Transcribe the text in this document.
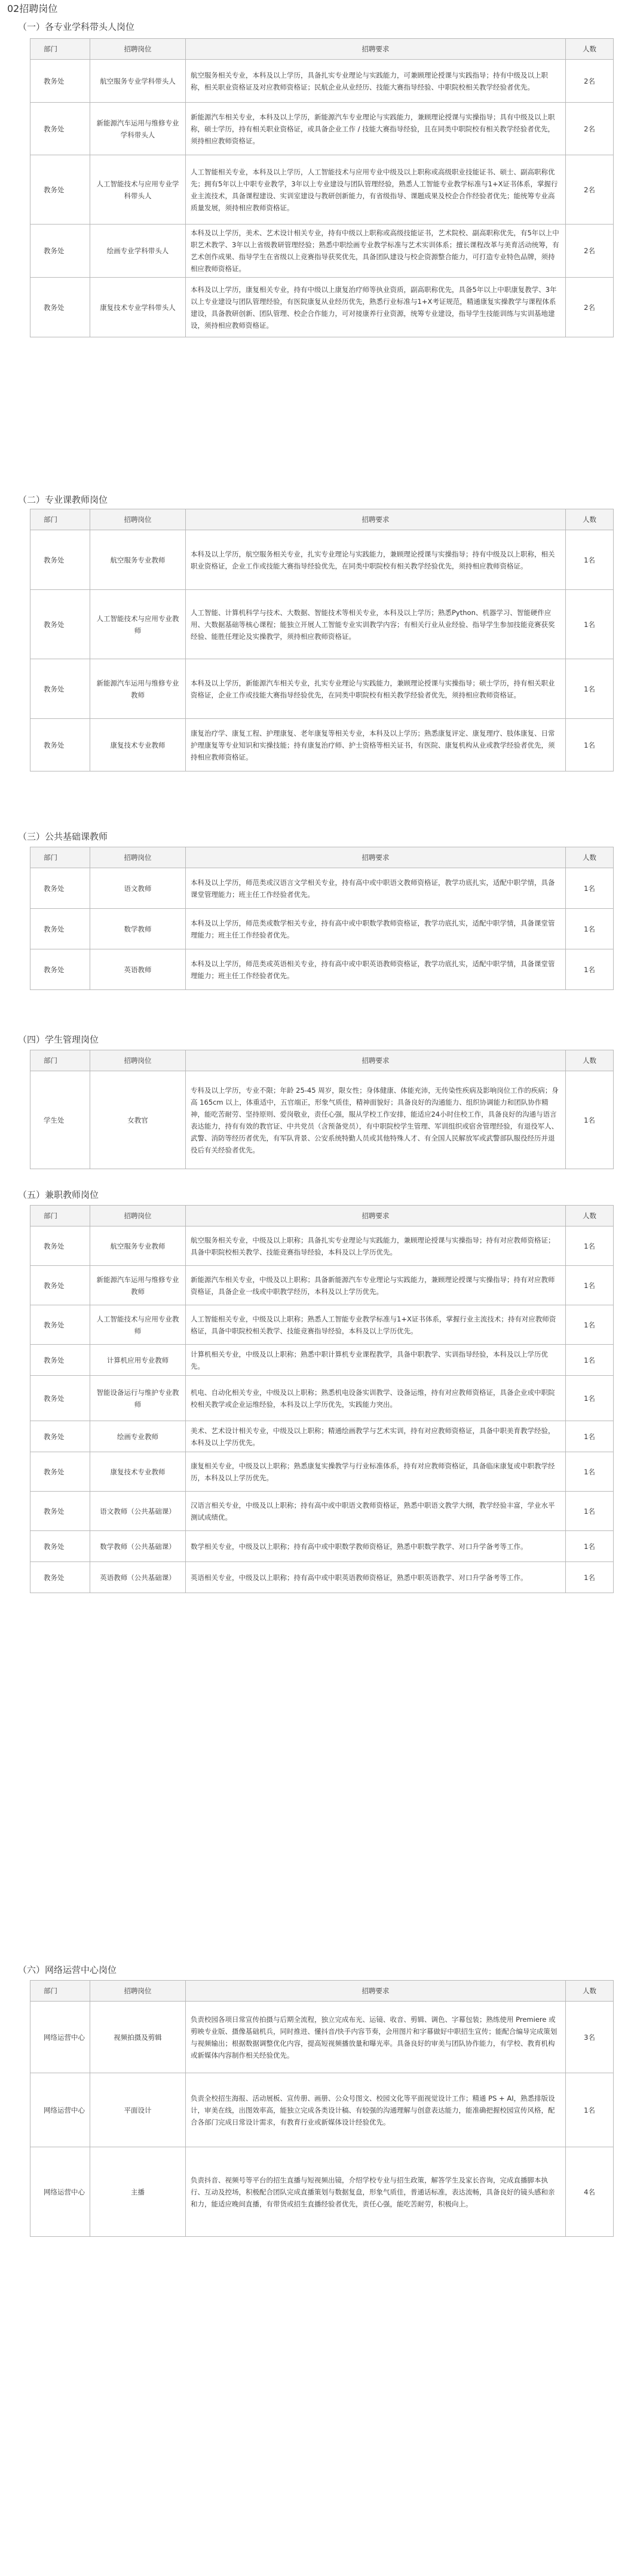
02招聘岗位
（一）各专业学科带头人岗位
部门	招聘岗位	招聘要求	人数
教务处	航空服务专业学科带头人	航空服务相关专业，本科及以上学历，具备扎实专业理论与实践能力，可兼顾理论授课与实践指导；持有中级及以上职称，相关职业资格证及对应教师资格证；民航企业从业经历、技能大赛指导经验、中职院校相关教学经验者优先。	2名
教务处	新能源汽车运用与维修专业学科带头人	新能源汽车相关专业，本科及以上学历，新能源汽车专业理论与实践能力，兼顾理论授课与实操指导；具有中级及以上职称，硕士学历，持有相关职业资格证，或具备企业工作 / 技能大赛指导经验，且在同类中职院校有相关教学经验者优先，须持相应教师资格证。	2名
教务处	人工智能技术与应用专业学科带头人	人工智能相关专业，本科及以上学历，人工智能技术与应用专业中级及以上职称或高级职业技能证书、硕士、副高职称优先；拥有5年以上中职专业教学，3年以上专业建设与团队管理经验，熟悉人工智能专业教学标准与1+X证书体系，掌握行业主流技术，具备课程建设、实训室建设与教研创新能力，有省级指导、课题成果及校企合作经验者优先；能统筹专业高质量发展，须持相应教师资格证。	2名
教务处	绘画专业学科带头人	本科及以上学历，美术、艺术设计相关专业，持有中级以上职称或高级技能证书，艺术院校、副高职称优先，有5年以上中职艺术教学、3年以上省级教研管理经验；熟悉中职绘画专业教学标准与艺术实训体系；擅长课程改革与美育活动统筹，有艺术创作成果、指导学生在省级以上竞赛指导获奖优先，具备团队建设与校企资源整合能力，可打造专业特色品牌，须持相应教师资格证。	2名
教务处	康复技术专业学科带头人	本科及以上学历，康复相关专业，持有中级以上康复治疗师等执业资质，副高职称优先，具备5年以上中职康复教学、3年以上专业建设与团队管理经验，有医院康复从业经历优先，熟悉行业标准与1+X考证规范，精通康复实操教学与课程体系建设，具备教研创新、团队管理、校企合作能力，可对接康养行业资源，统筹专业建设，指导学生技能训练与实训基地建设，须持相应教师资格证。	2名
（二）专业课教师岗位
部门	招聘岗位	招聘要求	人数
教务处	航空服务专业教师	本科及以上学历，航空服务相关专业，扎实专业理论与实践能力，兼顾理论授课与实操指导；持有中级及以上职称，相关职业资格证，企业工作或技能大赛指导经验优先，在同类中职院校有相关教学经验优先，须持相应教师资格证。	1名
教务处	人工智能技术与应用专业教师	人工智能、计算机科学与技术、大数据、智能技术等相关专业，本科及以上学历；熟悉Python、机器学习、智能硬件应用、大数据基础等核心课程；能独立开展人工智能专业实训教学内容；有相关行业从业经验、指导学生参加技能竞赛获奖经验、能胜任理论及实操教学，须持相应教师资格证。	1名
教务处	新能源汽车运用与维修专业教师	本科及以上学历，新能源汽车相关专业，扎实专业理论与实践能力，兼顾理论授课与实操指导；硕士学历，持有相关职业资格证，企业工作或技能大赛指导经验优先，在同类中职院校有相关教学经验者优先，须持相应教师资格证。	1名
教务处	康复技术专业教师	康复治疗学、康复工程、护理康复、老年康复等相关专业，本科及以上学历；熟悉康复评定、康复理疗、肢体康复、日常护理康复等专业知识和实操技能；持有康复治疗师、护士资格等相关证书，有医院、康复机构从业或教学经验者优先，须持相应教师资格证。	1名
（三）公共基础课教师
部门	招聘岗位	招聘要求	人数
教务处	语文教师	本科及以上学历，师范类或汉语言文学相关专业，持有高中或中职语文教师资格证，教学功底扎实，适配中职学情，具备课堂管理能力；班主任工作经验者优先。	1名
教务处	数学教师	本科及以上学历，师范类或数学相关专业，持有高中或中职数学教师资格证，教学功底扎实，适配中职学情，具备课堂管理能力；班主任工作经验者优先。	1名
教务处	英语教师	本科及以上学历，师范类或英语相关专业，持有高中或中职英语教师资格证，教学功底扎实，适配中职学情，具备课堂管理能力；班主任工作经验者优先。	1名
（四）学生管理岗位
部门	招聘岗位	招聘要求	人数
学生处	女教官	专科及以上学历，专业不限；年龄 25-45 周岁，限女性；身体健康、体能充沛，无传染性疾病及影响岗位工作的疾病；身高 165cm 以上，体重适中，五官端正，形象气质佳，精神面貌好；具备良好的沟通能力、组织协调能力和团队协作精神，能吃苦耐劳、坚持原则、爱岗敬业，责任心强，服从学校工作安排，能适应24小时住校工作，具备良好的沟通与语言表达能力，持有有效的教官证、中共党员（含预备党员），有中职院校学生管理、军训组织或宿舍管理经验，有退役军人、武警、消防等经历者优先，有军队背景、公安系统特勤人员或其他特殊人才、有全国人民解放军或武警部队服役经历并退役后有关经验者优先。	1名
（五）兼职教师岗位
部门	招聘岗位	招聘要求	人数
教务处	航空服务专业教师	航空服务相关专业，中级及以上职称；具备扎实专业理论与实践能力，兼顾理论授课与实操指导；持有对应教师资格证；具备中职院校相关教学、技能竞赛指导经验，本科及以上学历优先。	1名
教务处	新能源汽车运用与维修专业教师	新能源汽车相关专业，中级及以上职称；具备新能源汽车专业理论与实践能力，兼顾理论授课与实操指导；持有对应教师资格证，具备企业一线或中职教学经历，本科及以上学历优先。	1名
教务处	人工智能技术与应用专业教师	人工智能相关专业，中级及以上职称；熟悉人工智能专业教学标准与1+X证书体系，掌握行业主流技术；持有对应教师资格证，具备中职院校相关教学、技能竞赛指导经验，本科及以上学历优先。	1名
教务处	计算机应用专业教师	计算机相关专业，中级及以上职称；熟悉中职计算机专业课程教学，具备中职教学、实训指导经验，本科及以上学历优先。	1名
教务处	智能设备运行与维护专业教师	机电、自动化相关专业，中级及以上职称；熟悉机电设备实训教学、设备运维，持有对应教师资格证，具备企业或中职院校相关教学或企业运维经验，本科及以上学历优先，实践能力突出。	1名
教务处	绘画专业教师	美术、艺术设计相关专业，中级及以上职称；精通绘画教学与艺术实训，持有对应教师资格证，具备中职美育教学经验，本科及以上学历优先。	1名
教务处	康复技术专业教师	康复相关专业，中级及以上职称；熟悉康复实操教学与行业标准体系，持有对应教师资格证，具备临床康复或中职教学经历，本科及以上学历优先。	1名
教务处	语文教师（公共基础课）	汉语言相关专业，中级及以上职称；持有高中或中职语文教师资格证，熟悉中职语文教学大纲，教学经验丰富，学业水平测试成绩优。	1名
教务处	数学教师（公共基础课）	数学相关专业，中级及以上职称；持有高中或中职数学教师资格证，熟悉中职数学教学、对口升学备考等工作。	1名
教务处	英语教师（公共基础课）	英语相关专业，中级及以上职称；持有高中或中职英语教师资格证，熟悉中职英语教学、对口升学备考等工作。	1名
（六）网络运营中心岗位
部门	招聘岗位	招聘要求	人数
网络运营中心	视频拍摄及剪辑	负责校园各项日常宣传拍摄与后期全流程，独立完成布光、运镜、收音、剪辑、调色、字幕包装；熟练使用 Premiere 或剪映专业版、摄像基础机兵，同时推进、懂抖音/快手内容节奏，会用图片和字幕做好中职招生宣传；能配合编导完成策划与视频输出；根据数据调整优化内容，提高短视频播放量和曝光率。具备良好的审美与团队协作能力，有学校、教育机构或新媒体内容制作相关经验优先。	3名
网络运营中心	平面设计	负责全校招生海报、活动展板、宣传册、画册、公众号图文、校园文化等平面视觉设计工作；精通 PS + AI，熟悉排版设计，审美在线，出图效率高，能独立完成各类设计稿、有较强的沟通理解与创意表达能力，能准确把握校园宣传风格，配合各部门完成日常设计需求，有教育行业或新媒体设计经验优先。	1名
网络运营中心	主播	负责抖音、视频号等平台的招生直播与短视频出镜，介绍学校专业与招生政策，解答学生及家长咨询，完成直播脚本执行、互动及控场，积极配合团队完成直播策划与数据复盘，形象气质佳，普通话标准，表达流畅，具备良好的镜头感和亲和力，能适应晚间直播，有带货或招生直播经验者优先，责任心强，能吃苦耐劳，积极向上。	4名
